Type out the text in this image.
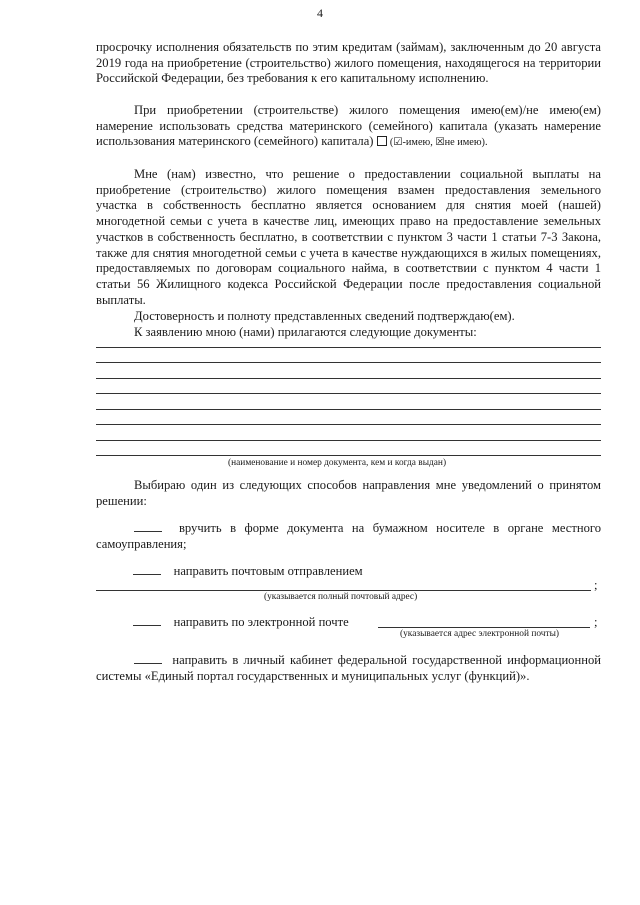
4

просрочку исполнения обязательств по этим кредитам (займам), заключенным до 20 августа 2019 года на приобретение (строительство) жилого помещения, находящегося на территории Российской Федерации, без требования к его капитальному исполнению.

При приобретении (строительстве) жилого помещения имею(ем)/не имею(ем) намерение использовать средства материнского (семейного) капитала (указать намерение использования материнского (семейного) капитала) (☑-имею, ☒не имею).

Мне (нам) известно, что решение о предоставлении социальной выплаты на приобретение (строительство) жилого помещения взамен предоставления земельного участка в собственность бесплатно является основанием для снятия моей (нашей) многодетной семьи с учета в качестве лиц, имеющих право на предоставление земельных участков в собственность бесплатно, в соответствии с пунктом 3 части 1 статьи 7-3 Закона, также для снятия многодетной семьи с учета в качестве нуждающихся в жилых помещениях, предоставляемых по договорам социального найма, в соответствии с пунктом 4 части 1 статьи 56 Жилищного кодекса Российской Федерации после предоставления социальной выплаты.

Достоверность и полноту представленных сведений подтверждаю(ем).

К заявлению мною (нами) прилагаются следующие документы:

(наименование и номер документа, кем и когда выдан)

Выбираю один из следующих способов направления мне уведомлений о принятом решении:

вручить в форме документа на бумажном носителе в органе местного самоуправления;

направить почтовым отправлением
;
(указывается полный почтовый адрес)
направить по электронной почте	;
(указывается адрес электронной почты)

направить в личный кабинет федеральной государственной информационной системы «Единый портал государственных и муниципальных услуг (функций)».
